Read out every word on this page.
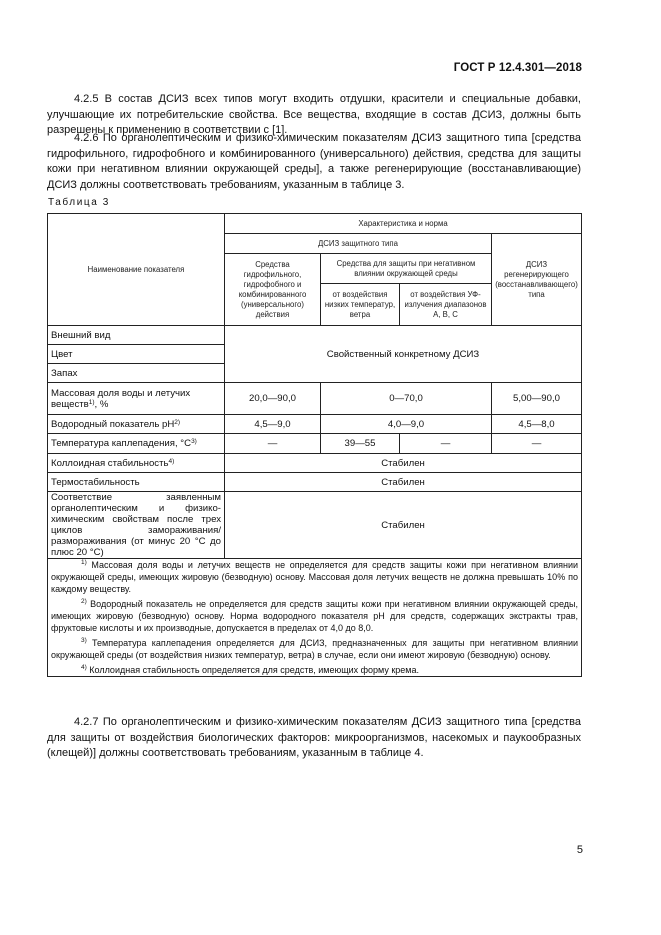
ГОСТ Р 12.4.301—2018

4.2.5 В состав ДСИЗ всех типов могут входить отдушки, красители и специальные добавки, улучшающие их потребительские свойства. Все вещества, входящие в состав ДСИЗ, должны быть разрешены к применению в соответствии с [1].

4.2.6 По органолептическим и физико-химическим показателям ДСИЗ защитного типа [средства гидрофильного, гидрофобного и комбинированного (универсального) действия, средства для защиты кожи при негативном влиянии окружающей среды], а также регенерирующие (восстанавливающие) ДСИЗ должны соответствовать требованиям, указанным в таблице 3.

Таблица 3
Наименование показателя	Характеристика и норма			
	ДСИЗ защитного типа			ДСИЗ регенерирующего (восстанавливающего) типа
	Средства гидрофильного, гидрофобного и комбинированного (универсального) действия	Средства для защиты при негативном влиянии окружающей среды		
		от воздействия низких температур, ветра	от воздействия УФ- излучения диапазонов А, В, С	
Внешний вид	Свойственный конкретному ДСИЗ			
Цвет				
Запах				
Массовая доля воды и летучих веществ$^{1)}$, %	20,0—90,0	0—70,0		5,00—90,0
Водородный показатель $рН^{2)}$	4,5—9,0	4,0—9,0		4,5—8,0
Температура каплепадения, $^\circ С^{3)}$	—	39—55	—	—
Коллоидная стабильность$^{4)}$	Стабилен			
Термостабильность	Стабилен			
Соответствие заявленным органолептическим и физико-химическим свойствам после трех циклов замораживания/размораживания (от минус 20 °С до плюс 20 °С)	Стабилен			

$^{1)}$ Массовая доля воды и летучих веществ не определяется для средств защиты кожи при негативном влиянии окружающей среды, имеющих жировую (безводную) основу. Массовая доля летучих веществ не должна превышать 10% по каждому веществу.

$^{2)}$ Водородный показатель не определяется для средств защиты кожи при негативном влиянии окружающей среды, имеющих жировую (безводную) основу. Норма водородного показателя рН для средств, содержащих экстракты трав, фруктовые кислоты и их производные, допускается в пределах от 4,0 до 8,0.

$^{3)}$ Температура каплепадения определяется для ДСИЗ, предназначенных для защиты при негативном влиянии окружающей среды (от воздействия низких температур, ветра) в случае, если они имеют жировую (безводную) основу.

$^{4)}$ Коллоидная стабильность определяется для средств, имеющих форму крема.				

4.2.7 По органолептическим и физико-химическим показателям ДСИЗ защитного типа [средства для защиты от воздействия биологических факторов: микроорганизмов, насекомых и паукообразных (клещей)] должны соответствовать требованиям, указанным в таблице 4.

5
